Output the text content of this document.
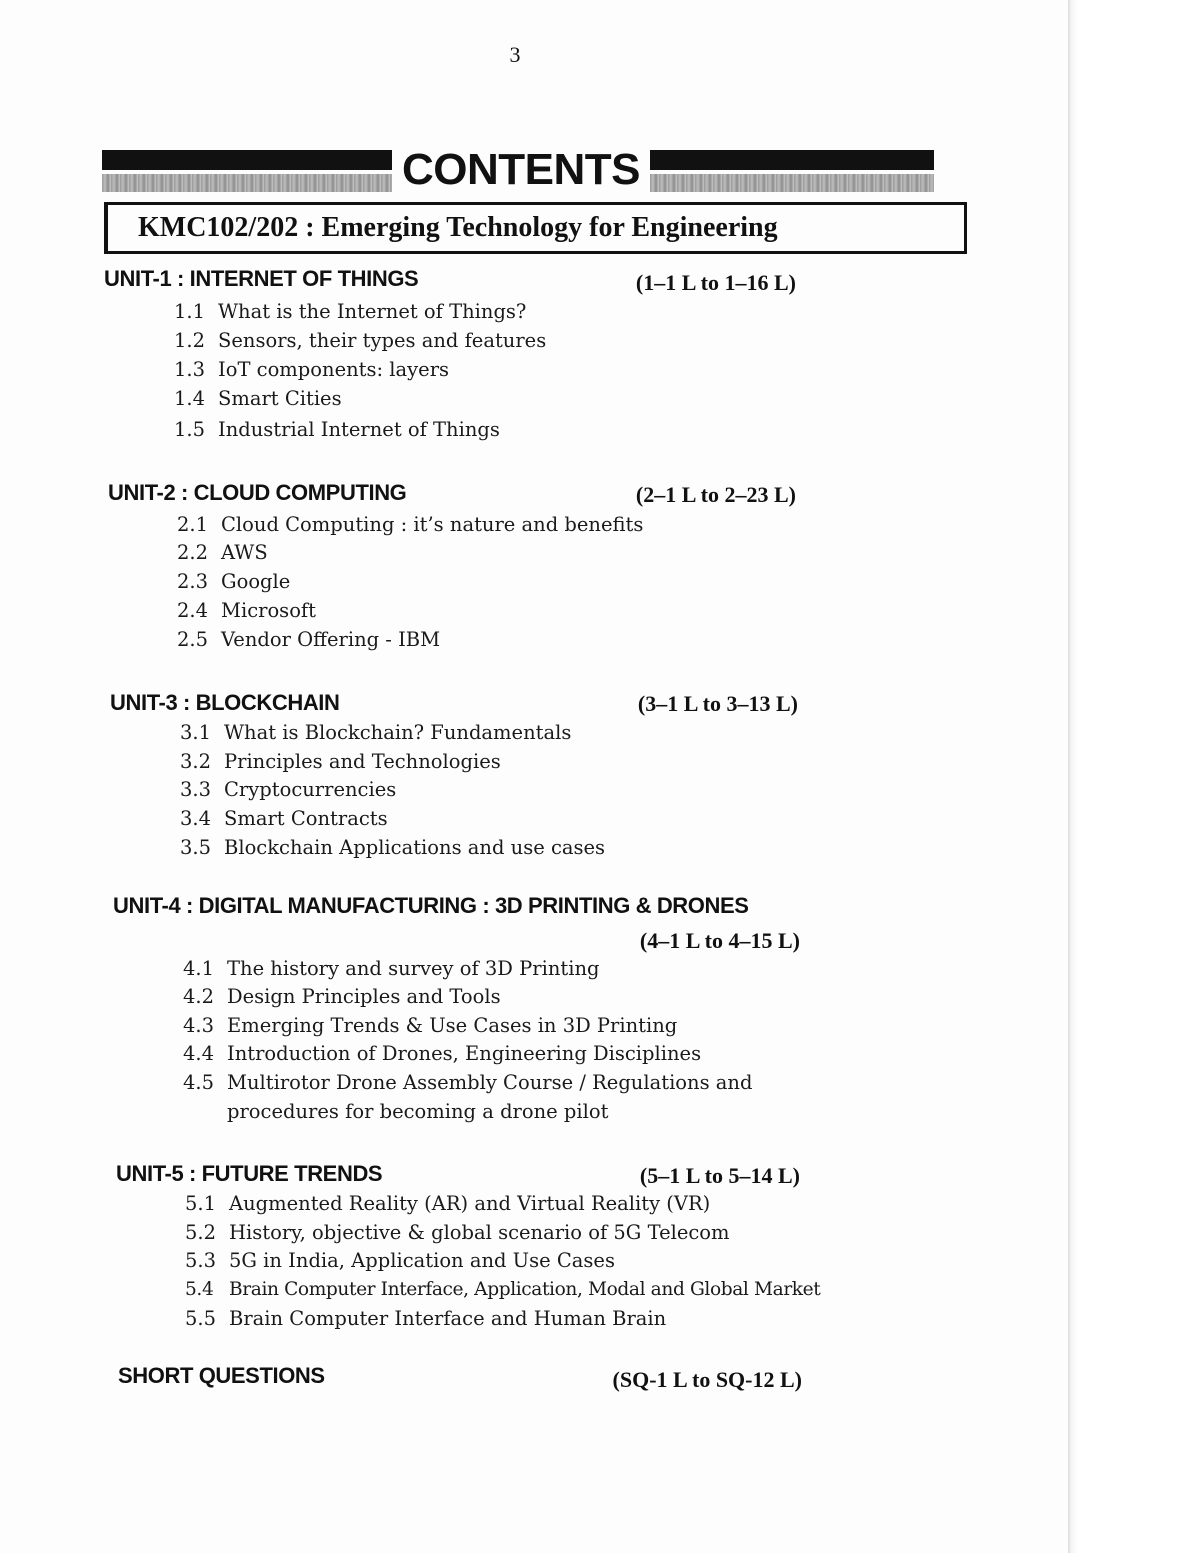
3
CONTENTS
KMC102/202 : Emerging Technology for Engineering
UNIT-1 : INTERNET OF THINGS	(1–1 L to 1–16 L)
1.1 What is the Internet of Things?
1.2 Sensors, their types and features
1.3 IoT components: layers
1.4 Smart Cities
1.5 Industrial Internet of Things
UNIT-2 : CLOUD COMPUTING	(2–1 L to 2–23 L)
2.1 Cloud Computing : it’s nature and benefits
2.2 AWS
2.3 Google
2.4 Microsoft
2.5 Vendor Offering - IBM
UNIT-3 : BLOCKCHAIN	(3–1 L to 3–13 L)
3.1 What is Blockchain? Fundamentals
3.2 Principles and Technologies
3.3 Cryptocurrencies
3.4 Smart Contracts
3.5 Blockchain Applications and use cases
UNIT-4 : DIGITAL MANUFACTURING : 3D PRINTING & DRONES
(4–1 L to 4–15 L)
4.1 The history and survey of 3D Printing
4.2 Design Principles and Tools
4.3 Emerging Trends & Use Cases in 3D Printing
4.4 Introduction of Drones, Engineering Disciplines
4.5 Multirotor Drone Assembly Course / Regulations and
procedures for becoming a drone pilot
UNIT-5 : FUTURE TRENDS	(5–1 L to 5–14 L)
5.1 Augmented Reality (AR) and Virtual Reality (VR)
5.2 History, objective & global scenario of 5G Telecom
5.3 5G in India, Application and Use Cases
5.4 Brain Computer Interface, Application, Modal and Global Market
5.5 Brain Computer Interface and Human Brain
SHORT QUESTIONS	(SQ-1 L to SQ-12 L)
